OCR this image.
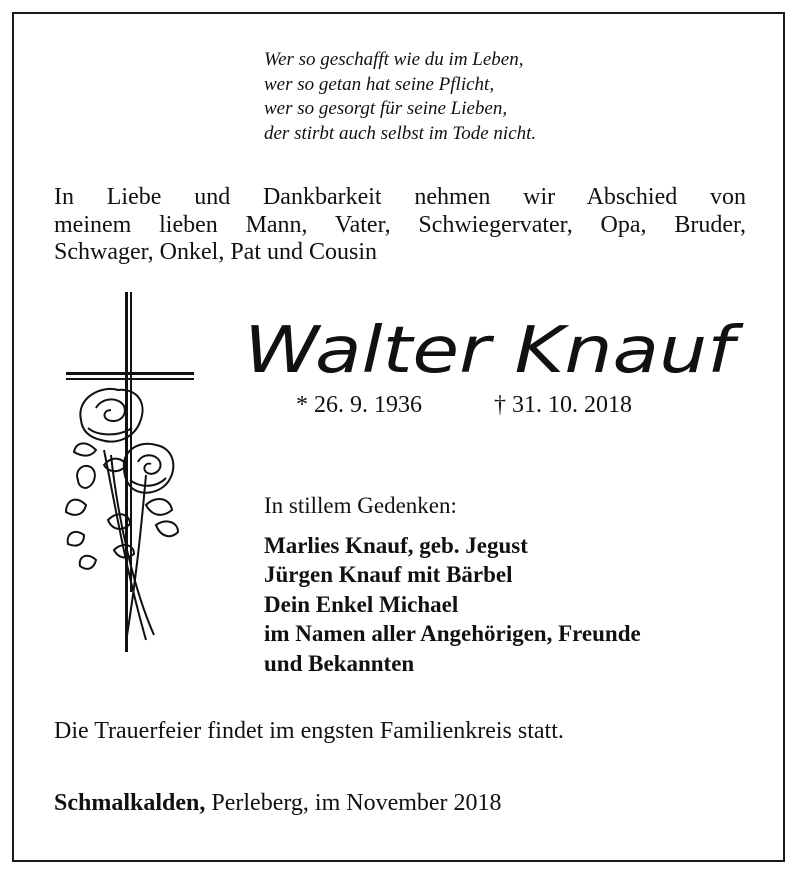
Wer so geschafft wie du im Leben,
wer so getan hat seine Pflicht,
wer so gesorgt für seine Lieben,
der stirbt auch selbst im Tode nicht.
In Liebe und Dankbarkeit nehmen wir Abschied von
meinem lieben Mann, Vater, Schwiegervater, Opa, Bruder,
Schwager, Onkel, Pat und Cousin
Walter Knauf
* 26. 9. 1936	† 31. 10. 2018
In stillem Gedenken:
Marlies Knauf, geb. Jegust
Jürgen Knauf mit Bärbel
Dein Enkel Michael
im Namen aller Angehörigen, Freunde
und Bekannten
Die Trauerfeier findet im engsten Familienkreis statt.
Schmalkalden, Perleberg, im November 2018
